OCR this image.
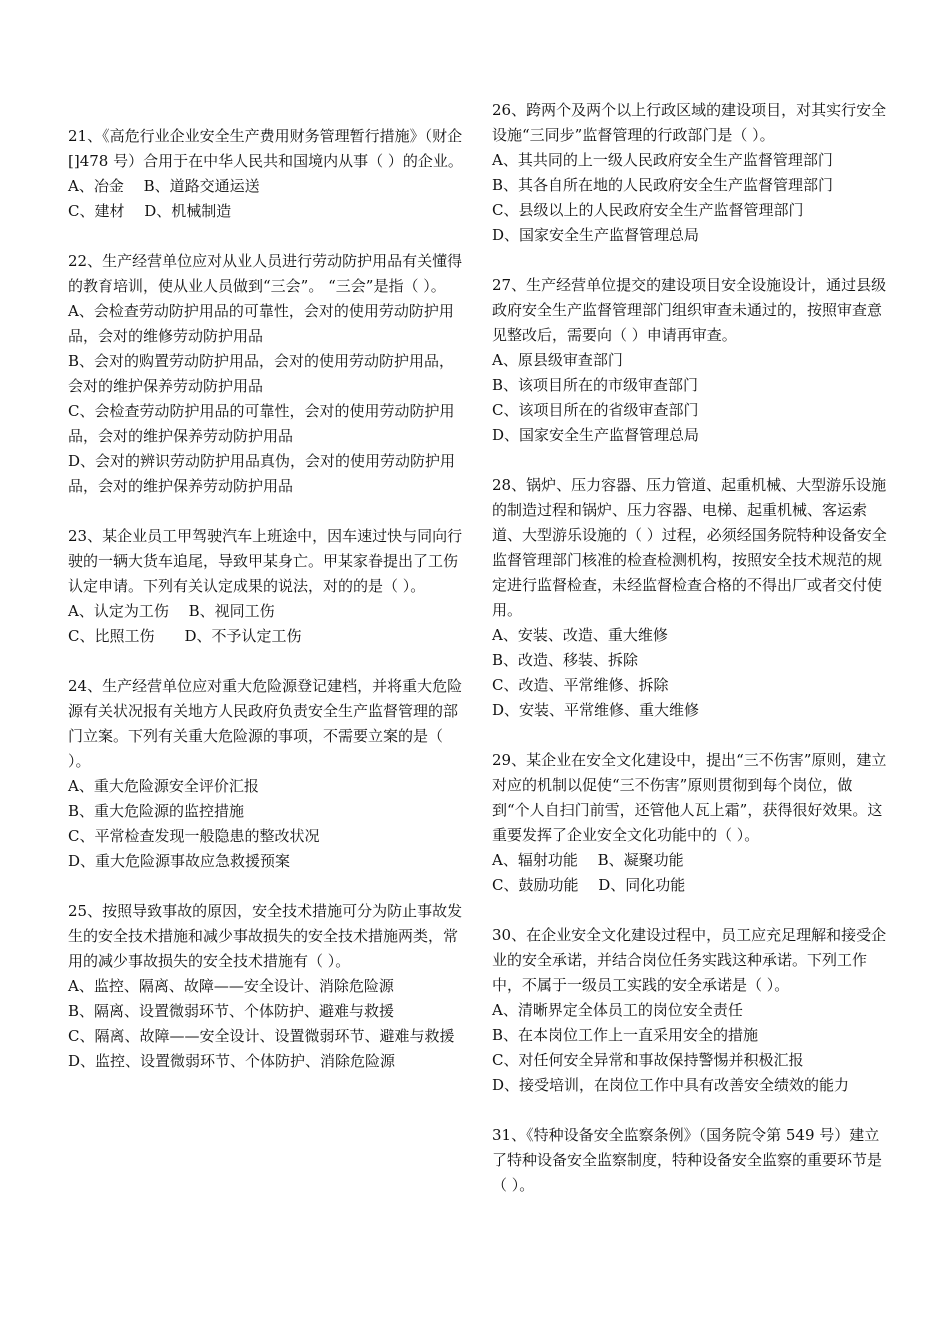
21、《高危行业企业安全生产费用财务管理暂行措施》（财企[]478 号）合用于在中华人民共和国境内从事（ ）的企业。

A、冶金　 B、道路交通运送

C、建材　 D、机械制造

22、生产经营单位应对从业人员进行劳动防护用品有关懂得的教育培训，使从业人员做到“三会”。 “三会”是指（ ）。

A、会检查劳动防护用品的可靠性，会对的使用劳动防护用品，会对的维修劳动防护用品

B、会对的购置劳动防护用品，会对的使用劳动防护用品，会对的维护保养劳动防护用品

C、会检查劳动防护用品的可靠性，会对的使用劳动防护用品，会对的维护保养劳动防护用品

D、会对的辨识劳动防护用品真伪，会对的使用劳动防护用品，会对的维护保养劳动防护用品

23、某企业员工甲驾驶汽车上班途中，因车速过快与同向行驶的一辆大货车追尾，导致甲某身亡。甲某家眷提出了工伤认定申请。下列有关认定成果的说法，对的的是（ ）。

A、认定为工伤　 B、视同工伤

C、比照工伤　　D、不予认定工伤

24、生产经营单位应对重大危险源登记建档，并将重大危险源有关状况报有关地方人民政府负责安全生产监督管理的部门立案。下列有关重大危险源的事项，不需要立案的是（ ）。

A、重大危险源安全评价汇报

B、重大危险源的监控措施

C、平常检查发现一般隐患的整改状况

D、重大危险源事故应急救援预案

25、按照导致事故的原因，安全技术措施可分为防止事故发生的安全技术措施和减少事故损失的安全技术措施两类，常用的减少事故损失的安全技术措施有（ ）。

A、监控、隔离、故障——安全设计、消除危险源

B、隔离、设置微弱环节、个体防护、避难与救援

C、隔离、故障——安全设计、设置微弱环节、避难与救援

D、监控、设置微弱环节、个体防护、消除危险源

26、跨两个及两个以上行政区域的建设项目，对其实行安全设施“三同步”监督管理的行政部门是（ ）。

A、其共同的上一级人民政府安全生产监督管理部门

B、其各自所在地的人民政府安全生产监督管理部门

C、县级以上的人民政府安全生产监督管理部门

D、国家安全生产监督管理总局

27、生产经营单位提交的建设项目安全设施设计，通过县级政府安全生产监督管理部门组织审查未通过的，按照审查意见整改后，需要向（ ）申请再审查。

A、原县级审查部门

B、该项目所在的市级审查部门

C、该项目所在的省级审查部门

D、国家安全生产监督管理总局

28、锅炉、压力容器、压力管道、起重机械、大型游乐设施的制造过程和锅炉、压力容器、电梯、起重机械、客运索道、大型游乐设施的（ ）过程，必须经国务院特种设备安全监督管理部门核准的检查检测机构，按照安全技术规范的规定进行监督检查，未经监督检查合格的不得出厂或者交付使用。

A、安装、改造、重大维修

B、改造、移装、拆除

C、改造、平常维修、拆除

D、安装、平常维修、重大维修

29、某企业在安全文化建设中，提出“三不伤害”原则，建立对应的机制以促使“三不伤害”原则贯彻到每个岗位，做到“个人自扫门前雪，还管他人瓦上霜”，获得很好效果。这重要发挥了企业安全文化功能中的（ ）。

A、辐射功能　 B、凝聚功能

C、鼓励功能　 D、同化功能

30、在企业安全文化建设过程中，员工应充足理解和接受企业的安全承诺，并结合岗位任务实践这种承诺。下列工作中，不属于一级员工实践的安全承诺是（ ）。

A、清晰界定全体员工的岗位安全责任

B、在本岗位工作上一直采用安全的措施

C、对任何安全异常和事故保持警惕并积极汇报

D、接受培训，在岗位工作中具有改善安全绩效的能力

31、《特种设备安全监察条例》（国务院令第 549 号）建立了特种设备安全监察制度，特种设备安全监察的重要环节是（ ）。
